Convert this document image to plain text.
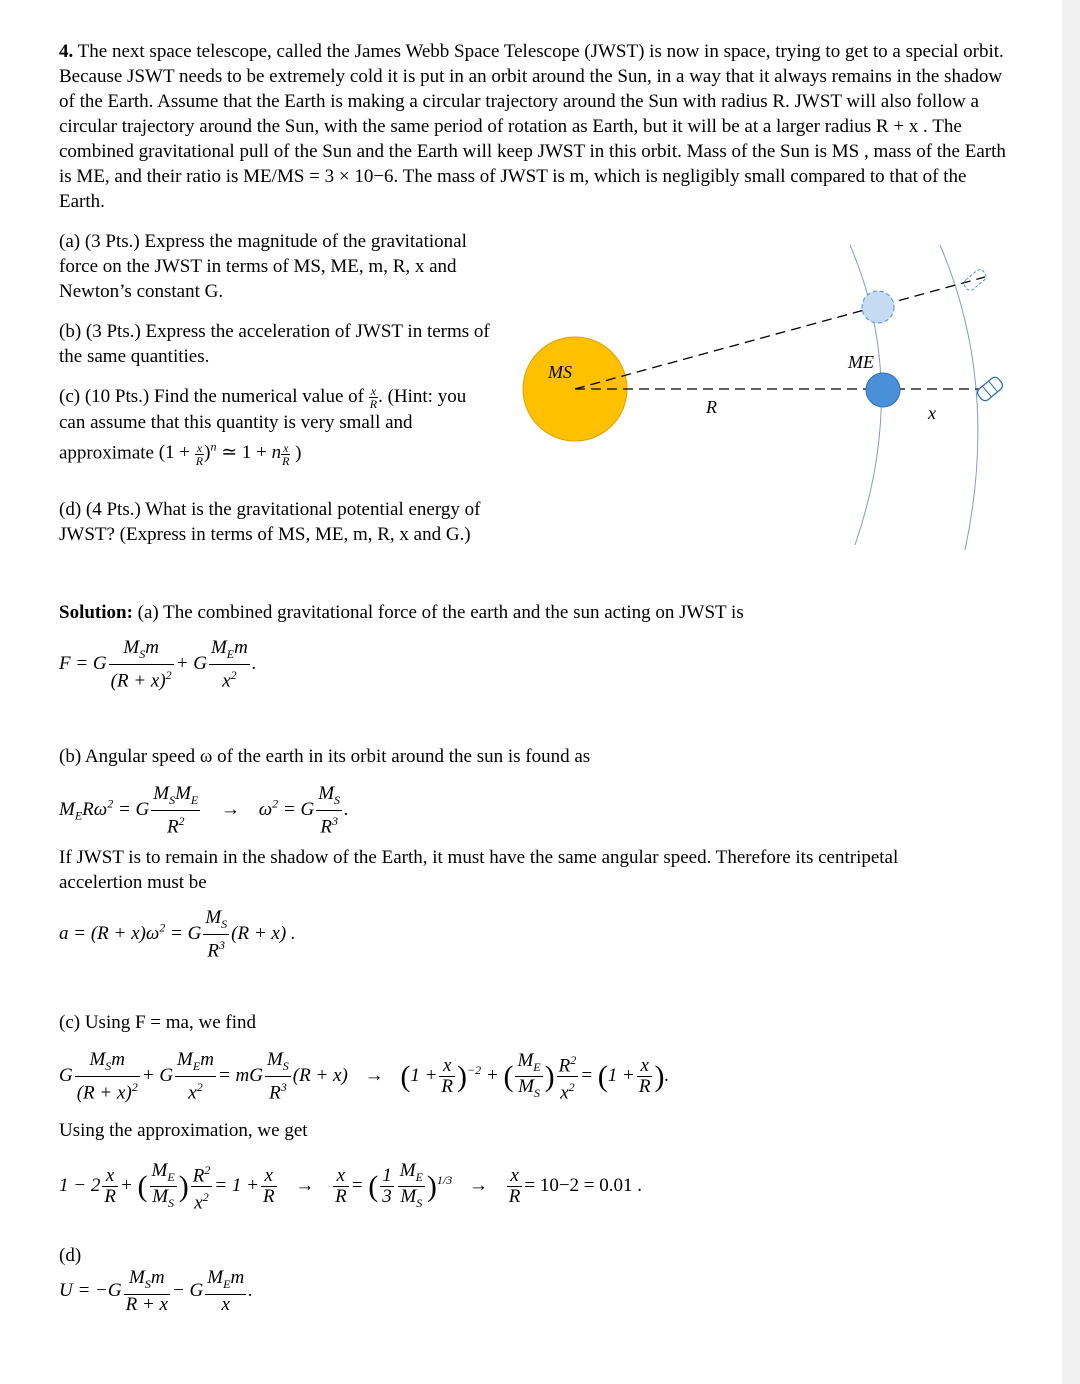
4. The next space telescope, called the James Webb Space Telescope (JWST) is now in space, trying to get to a special orbit. Because JSWT needs to be extremely cold it is put in an orbit around the Sun, in a way that it always remains in the shadow of the Earth. Assume that the Earth is making a circular trajectory around the Sun with radius R. JWST will also follow a circular trajectory around the Sun, with the same period of rotation as Earth, but it will be at a larger radius R + x . The combined gravitational pull of the Sun and the Earth will keep JWST in this orbit. Mass of the Sun is MS , mass of the Earth is ME, and their ratio is ME/MS = 3 × 10−6. The mass of JWST is m, which is negligibly small compared to that of the Earth.
(a) (3 Pts.) Express the magnitude of the gravitational force on the JWST in terms of MS, ME, m, R, x and Newton’s constant G.
(b) (3 Pts.) Express the acceleration of JWST in terms of the same quantities.
(c) (10 Pts.) Find the numerical value of $\frac{x}{R}$ . (Hint: you can assume that this quantity is very small and approximate $(1 + \frac{x}{R} )^n$ ≃ 1 + n $\frac{x}{R}$ )
(d) (4 Pts.) What is the gravitational potential energy of JWST? (Express in terms of MS, ME, m, R, x and G.)
MS	ME
R	x
Solution: (a) The combined gravitational force of the earth and the sun acting on JWST is
F = G $\frac{M_Sm}{(R + x)^2} + G \frac{M_Em}{x^2}$ .
(b) Angular speed ω of the earth in its orbit around the sun is found as
$M_ER\omega^2 = G \frac{M_SM_E}{R^2} \to \omega^2 = G \frac{M_S}{R^3}$ .
If JWST is to remain in the shadow of the Earth, it must have the same angular speed. Therefore its centripetal accelertion must be
$a = (R + x)\omega^2 = G \frac{M_S}{R^3} (R + x)$ .
(c) Using F = ma, we find
G $\frac{M_Sm}{(R + x)^2} + G \frac{M_Em}{x^2}$ = mG $\frac{M_S}{R^3} (R + x) \to (1 + \frac{x}{R} )^{-2}$ + ( $\frac{M_E}{M_S}$ ) $\frac{R^2}{x^2} = (1 + \frac{x}{R}$ ).
Using the approximation, we get
$1 - 2 \frac{x}{R}$ + ( $\frac{M_E}{M_S}$ ) $\frac{R^2}{x^2} = 1 + \frac{x}{R} \to \frac{x}{R}$ = ( $\frac{1}{3} \frac{M_E}{M_S} )^{1/3} \to \frac{x}{R} = 10-2 = 0.01$ .
(d)
$U = -G \frac{M_Sm}{R + x} - G \frac{M_Em}{x}$ .
